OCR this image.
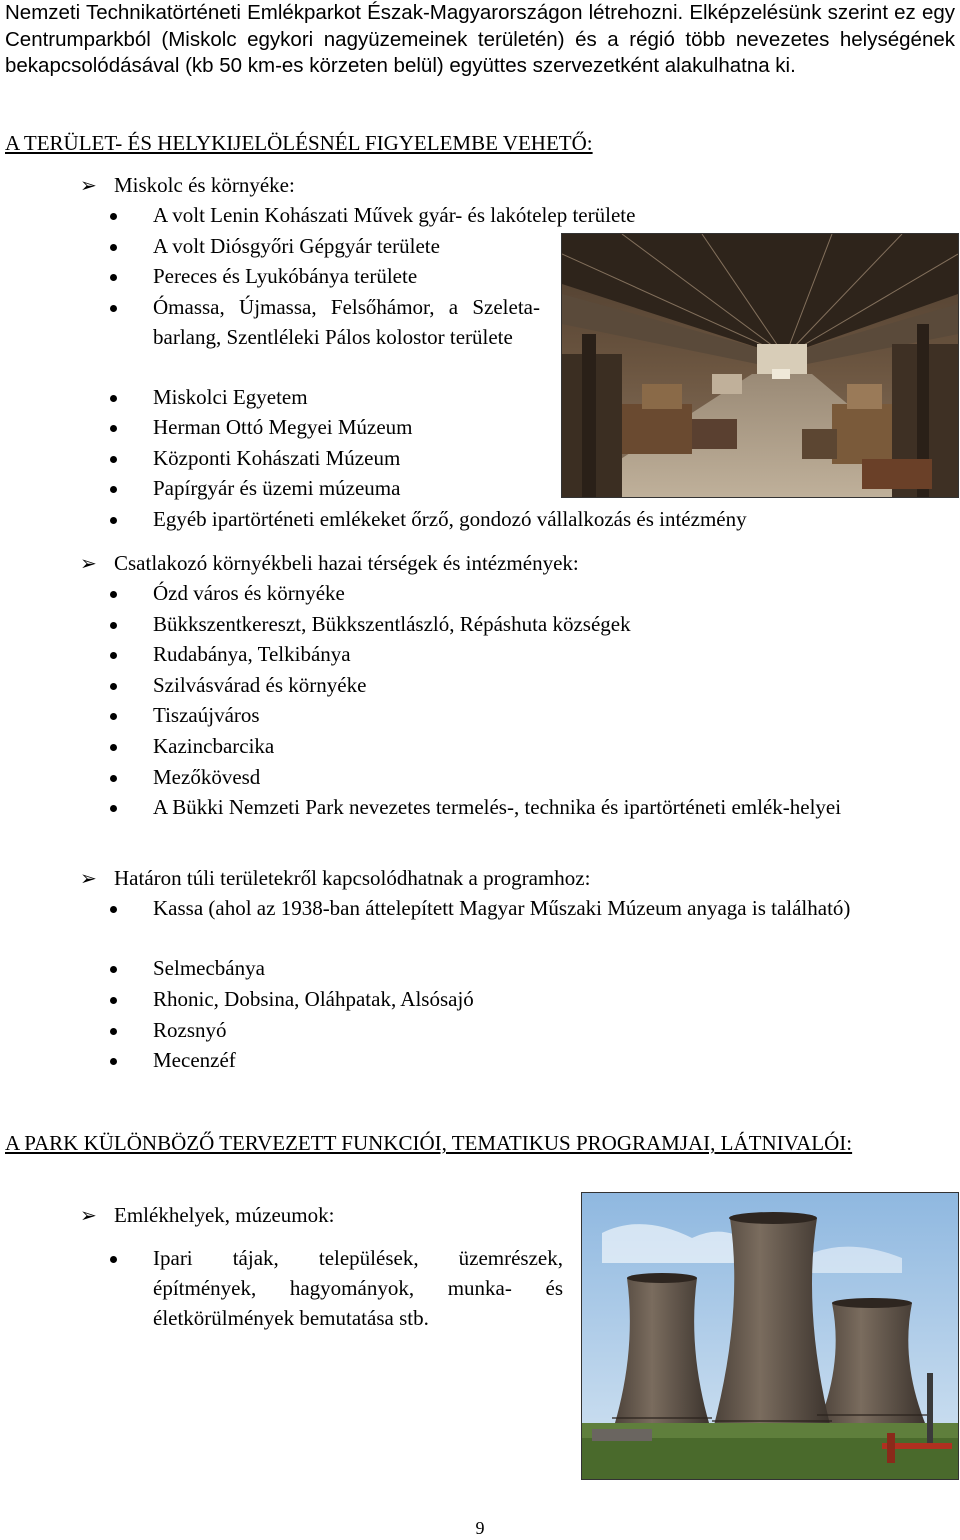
Nemzeti Technikatörténeti Emlékparkot Észak-Magyarországon létrehozni. Elképzelésünk szerint ez egy Centrumparkból (Miskolc egykori nagyüzemeinek területén) és a régió több nevezetes helységének bekapcsolódásával (kb 50 km-es körzeten belül) együttes szervezetként alakulhatna ki.
A TERÜLET- ÉS HELYKIJELÖLÉSNÉL FIGYELEMBE VEHETŐ:
➢ Miskolc és környéke:
A volt Lenin Kohászati Művek gyár- és lakótelep területe
A volt Diósgyőri Gépgyár területe
Pereces és Lyukóbánya területe
Ómassa, Újmassa, Felsőhámor, a Szeleta-barlang, Szentléleki Pálos kolostor területe
Miskolci Egyetem
Herman Ottó Megyei Múzeum
Központi Kohászati Múzeum
Papírgyár és üzemi múzeuma
Egyéb ipartörténeti emlékeket őrző, gondozó vállalkozás és intézmény
➢ Csatlakozó környékbeli hazai térségek és intézmények:
Ózd város és környéke
Bükkszentkereszt, Bükkszentlászló, Répáshuta községek
Rudabánya, Telkibánya
Szilvásvárad és környéke
Tiszaújváros
Kazincbarcika
Mezőkövesd
A Bükki Nemzeti Park nevezetes termelés-, technika és ipartörténeti emlék-helyei
➢ Határon túli területekről kapcsolódhatnak a programhoz:
Kassa (ahol az 1938-ban áttelepített Magyar Műszaki Múzeum anyaga is található)
Selmecbánya
Rhonic, Dobsina, Oláhpatak, Alsósajó
Rozsnyó
Mecenzéf
A PARK KÜLÖNBÖZŐ TERVEZETT FUNKCIÓI, TEMATIKUS PROGRAMJAI, LÁTNIVALÓI:
➢ Emlékhelyek, múzeumok:
Ipari tájak, települések, üzemrészek, építmények, hagyományok, munka- és életkörülmények bemutatása stb.
9
